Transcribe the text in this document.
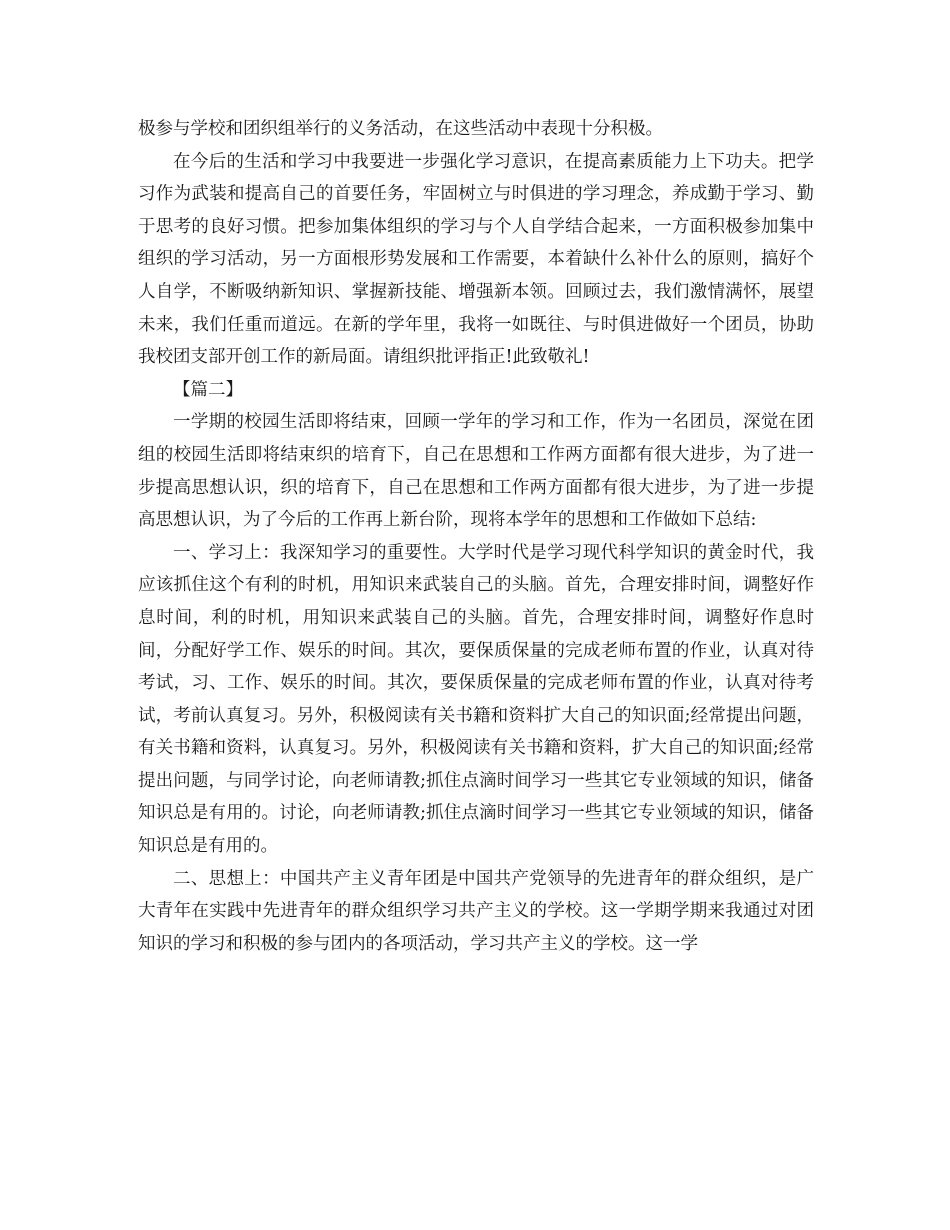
极参与学校和团织组举行的义务活动，在这些活动中表现十分积极。

在今后的生活和学习中我要进一步强化学习意识，在提高素质能力上下功夫。把学习作为武装和提高自己的首要任务，牢固树立与时俱进的学习理念，养成勤于学习、勤于思考的良好习惯。把参加集体组织的学习与个人自学结合起来，一方面积极参加集中组织的学习活动，另一方面根形势发展和工作需要，本着缺什么补什么的原则，搞好个人自学，不断吸纳新知识、掌握新技能、增强新本领。回顾过去，我们激情满怀，展望未来，我们任重而道远。在新的学年里，我将一如既往、与时俱进做好一个团员，协助我校团支部开创工作的新局面。请组织批评指正!此致敬礼!

【篇二】

一学期的校园生活即将结束，回顾一学年的学习和工作，作为一名团员，深觉在团组的校园生活即将结束织的培育下，自己在思想和工作两方面都有很大进步，为了进一步提高思想认识，织的培育下，自己在思想和工作两方面都有很大进步，为了进一步提高思想认识，为了今后的工作再上新台阶，现将本学年的思想和工作做如下总结:

一、学习上：我深知学习的重要性。大学时代是学习现代科学知识的黄金时代，我应该抓住这个有利的时机，用知识来武装自己的头脑。首先，合理安排时间，调整好作息时间，利的时机，用知识来武装自己的头脑。首先，合理安排时间，调整好作息时间，分配好学工作、娱乐的时间。其次，要保质保量的完成老师布置的作业，认真对待考试，习、工作、娱乐的时间。其次，要保质保量的完成老师布置的作业，认真对待考试，考前认真复习。另外，积极阅读有关书籍和资料扩大自己的知识面;经常提出问题，有关书籍和资料，认真复习。另外，积极阅读有关书籍和资料，扩大自己的知识面;经常提出问题，与同学讨论，向老师请教;抓住点滴时间学习一些其它专业领域的知识，储备知识总是有用的。讨论，向老师请教;抓住点滴时间学习一些其它专业领域的知识，储备知识总是有用的。

二、思想上：中国共产主义青年团是中国共产党领导的先进青年的群众组织，是广大青年在实践中先进青年的群众组织学习共产主义的学校。这一学期学期来我通过对团知识的学习和积极的参与团内的各项活动，学习共产主义的学校。这一学
